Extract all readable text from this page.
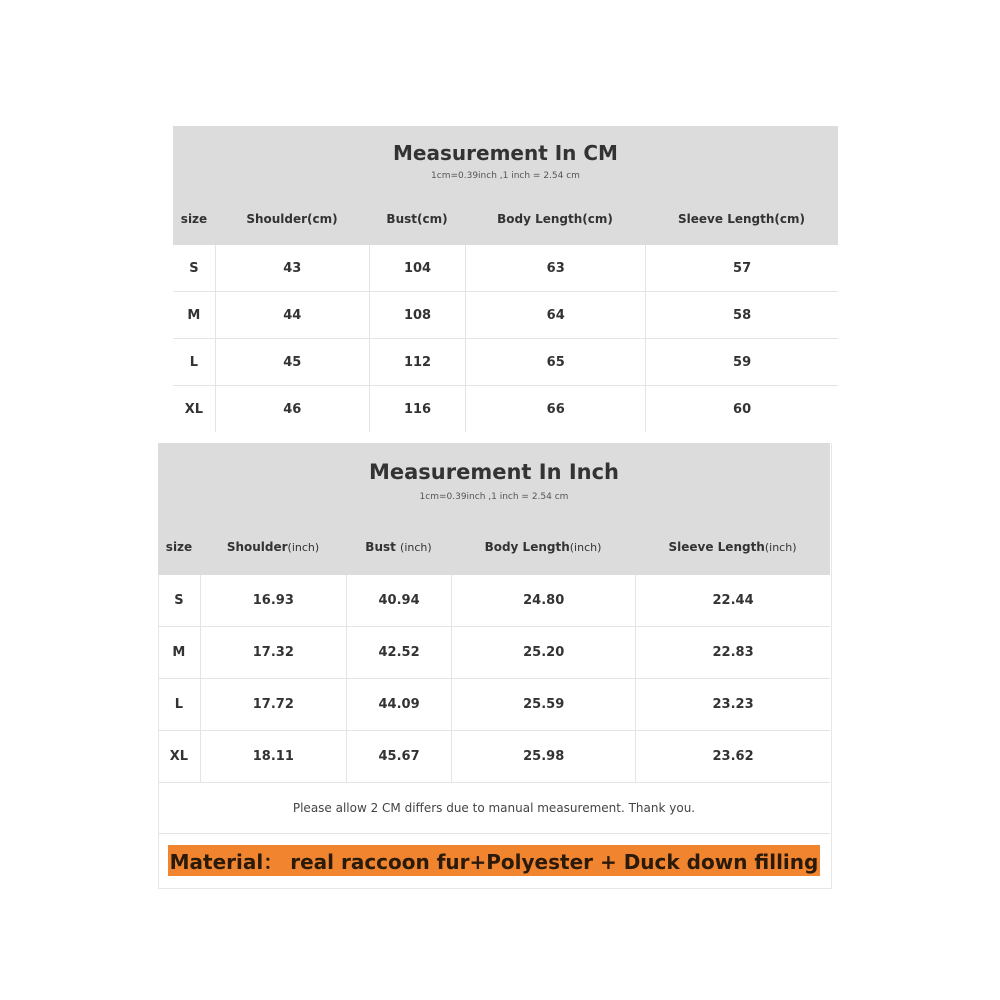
Measurement In CM
1cm=0.39inch ,1 inch = 2.54 cm
size	Shoulder(cm)	Bust(cm)	Body Length(cm)	Sleeve Length(cm)
S	43	104	63	57
M	44	108	64	58
L	45	112	65	59
XL	46	116	66	60
Measurement In Inch
1cm=0.39inch ,1 inch = 2.54 cm
size	Shoulder(inch)	Bust (inch)	Body Length(inch)	Sleeve Length(inch)
S	16.93	40.94	24.80	22.44
M	17.32	42.52	25.20	22.83
L	17.72	44.09	25.59	23.23
XL	18.11	45.67	25.98	23.62
Please allow 2 CM differs due to manual measurement. Thank you.
Material： real raccoon fur+Polyester + Duck down filling
